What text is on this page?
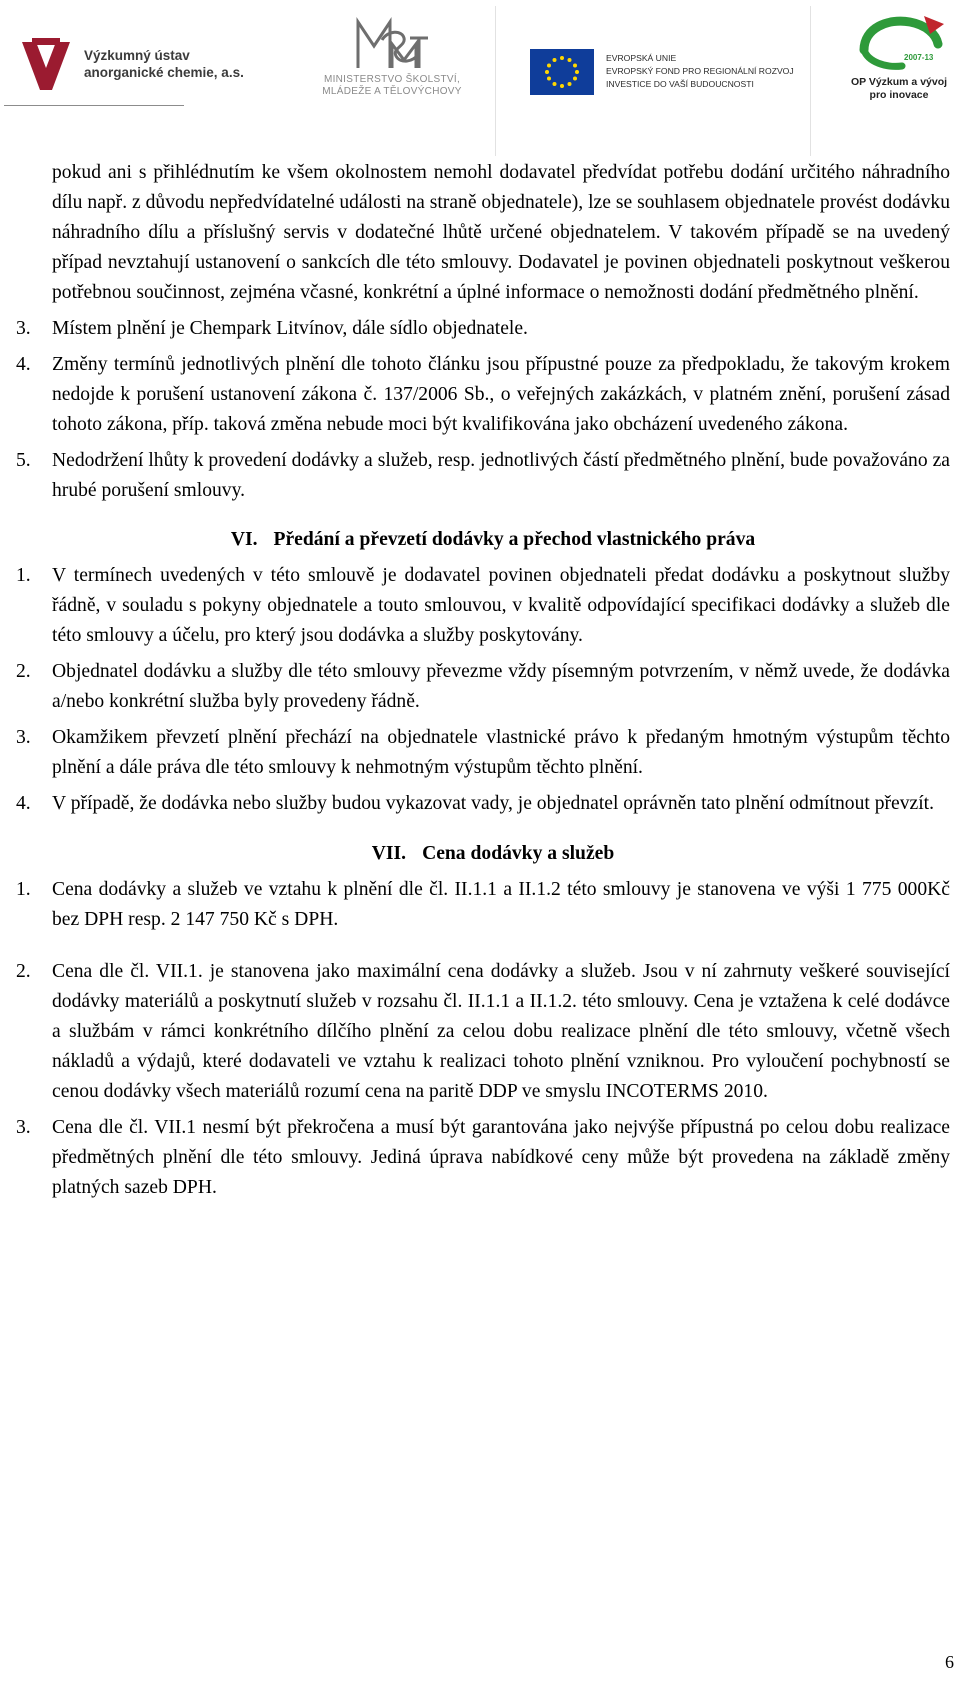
Výzkumný ústav
anorganické chemie, a.s.	MINISTERSTVO ŠKOLSTVÍ,
MLÁDEŽE A TĚLOVÝCHOVY
EVROPSKÁ UNIE
EVROPSKÝ FOND PRO REGIONÁLNÍ ROZVOJ
INVESTICE DO VAŠÍ BUDOUCNOSTI
2007-13
OP Výzkum a vývoj
pro inovace

pokud ani s přihlédnutím ke všem okolnostem nemohl dodavatel předvídat potřebu dodání určitého náhradního dílu např. z důvodu nepředvídatelné události na straně objednatele), lze se souhlasem objednatele provést dodávku náhradního dílu a příslušný servis v dodatečné lhůtě určené objednatelem. V takovém případě se na uvedený případ nevztahují ustanovení o sankcích dle této smlouvy. Dodavatel je povinen objednateli poskytnout veškerou potřebnou součinnost, zejména včasné, konkrétní a úplné informace o nemožnosti dodání předmětného plnění.

3. Místem plnění je Chempark Litvínov, dále sídlo objednatele.

4. Změny termínů jednotlivých plnění dle tohoto článku jsou přípustné pouze za předpokladu, že takovým krokem nedojde k porušení ustanovení zákona č. 137/2006 Sb., o veřejných zakázkách, v platném znění, porušení zásad tohoto zákona, příp. taková změna nebude moci být kvalifikována jako obcházení uvedeného zákona.

5. Nedodržení lhůty k provedení dodávky a služeb, resp. jednotlivých částí předmětného plnění, bude považováno za hrubé porušení smlouvy.

VI. Předání a převzetí dodávky a přechod vlastnického práva
1. V termínech uvedených v této smlouvě je dodavatel povinen objednateli předat dodávku a poskytnout služby řádně, v souladu s pokyny objednatele a touto smlouvou, v kvalitě odpovídající specifikaci dodávky a služeb dle této smlouvy a účelu, pro který jsou dodávka a služby poskytovány.

2. Objednatel dodávku a služby dle této smlouvy převezme vždy písemným potvrzením, v němž uvede, že dodávka a/nebo konkrétní služba byly provedeny řádně.

3. Okamžikem převzetí plnění přechází na objednatele vlastnické právo k předaným hmotným výstupům těchto plnění a dále práva dle této smlouvy k nehmotným výstupům těchto plnění.

4. V případě, že dodávka nebo služby budou vykazovat vady, je objednatel oprávněn tato plnění odmítnout převzít.

VII. Cena dodávky a služeb
1. Cena dodávky a služeb ve vztahu k plnění dle čl. II.1.1 a II.1.2 této smlouvy je stanovena ve výši 1 775 000Kč bez DPH resp. 2 147 750 Kč s DPH.

2. Cena dle čl. VII.1. je stanovena jako maximální cena dodávky a služeb. Jsou v ní zahrnuty veškeré související dodávky materiálů a poskytnutí služeb v rozsahu čl. II.1.1 a II.1.2. této smlouvy. Cena je vztažena k celé dodávce a službám v rámci konkrétního dílčího plnění za celou dobu realizace plnění dle této smlouvy, včetně všech nákladů a výdajů, které dodavateli ve vztahu k realizaci tohoto plnění vzniknou. Pro vyloučení pochybností se cenou dodávky všech materiálů rozumí cena na paritě DDP ve smyslu INCOTERMS 2010.

3. Cena dle čl. VII.1 nesmí být překročena a musí být garantována jako nejvýše přípustná po celou dobu realizace předmětných plnění dle této smlouvy. Jediná úprava nabídkové ceny může být provedena na základě změny platných sazeb DPH.

6
